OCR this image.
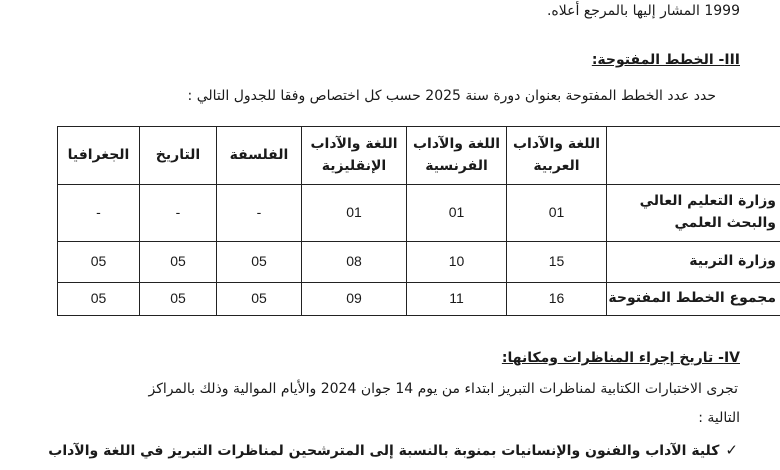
1999 المشار إليها بالمرجع أعلاه.
III- الخطط المفتوحة:
حدد عدد الخطط المفتوحة بعنوان دورة سنة 2025 حسب كل اختصاص وفقا للجدول التالي :
	اللغة والآداب العربية	اللغة والآداب الفرنسية	اللغة والآداب الإنقليزية	الفلسفة	التاريخ	الجغرافيا
وزارة التعليم العالي والبحث العلمي	01	01	01	-	-	-
وزارة التربية	15	10	08	05	05	05
مجموع الخطط المفتوحة	16	11	09	05	05	05
IV- تاريخ إجراء المناظرات ومكانها:
تجرى الاختبارات الكتابية لمناظرات التبريز ابتداء من يوم 14 جوان 2024 والأيام الموالية وذلك بالمراكز
التالية :
✓كلية الآداب والفنون والإنسانيات بمنوبة بالنسبة إلى المترشحين لمناظرات التبريز في اللغة والآداب
